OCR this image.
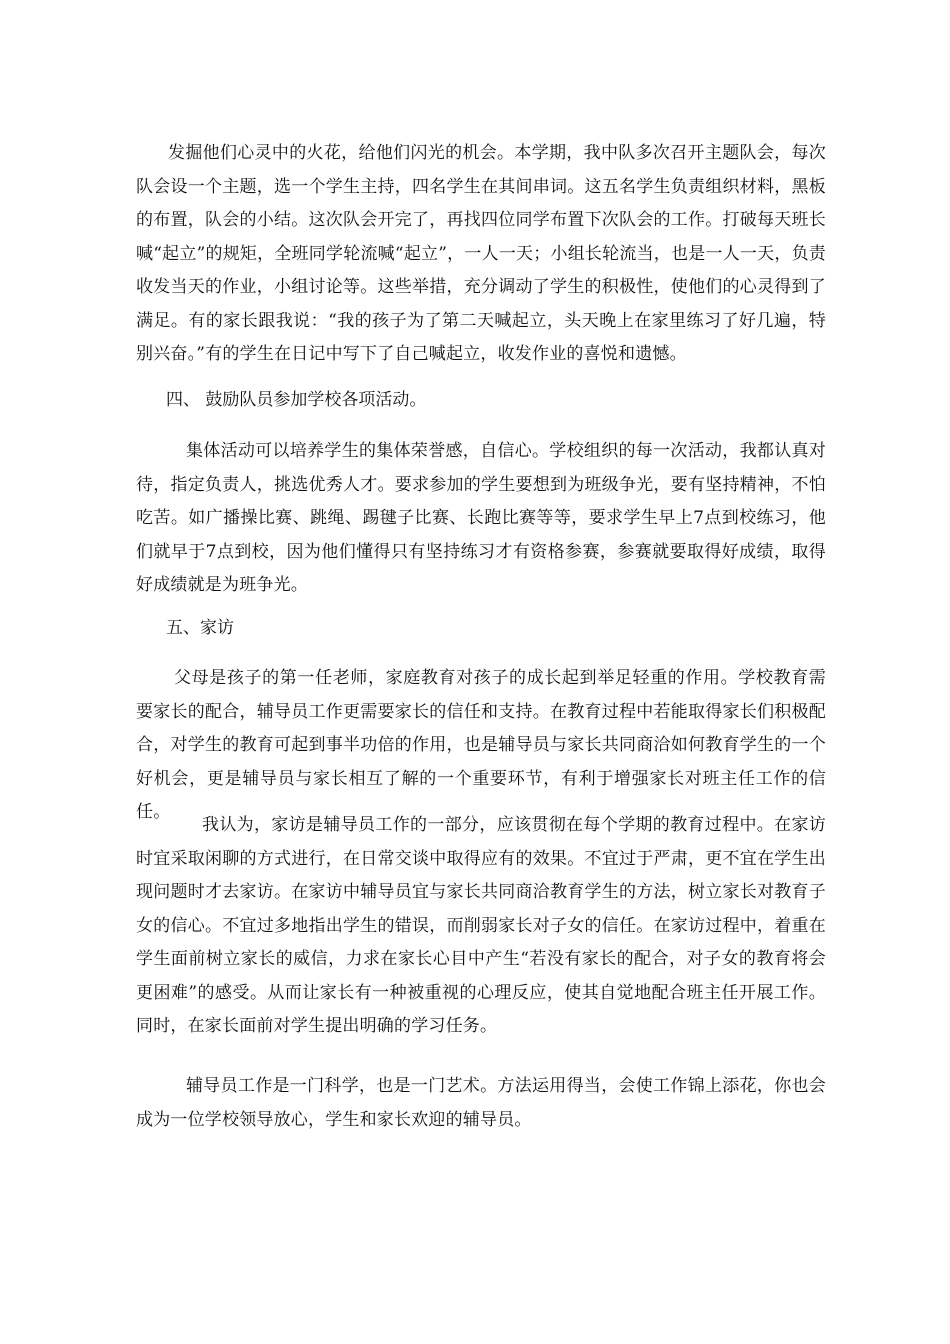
发掘他们心灵中的火花，给他们闪光的机会。本学期，我中队多次召开主题队会，每次队会设一个主题，选一个学生主持，四名学生在其间串词。这五名学生负责组织材料，黑板的布置，队会的小结。这次队会开完了，再找四位同学布置下次队会的工作。打破每天班长喊“起立”的规矩，全班同学轮流喊“起立”，一人一天；小组长轮流当，也是一人一天，负责收发当天的作业，小组讨论等。这些举措，充分调动了学生的积极性，使他们的心灵得到了满足。有的家长跟我说：“我的孩子为了第二天喊起立，头天晚上在家里练习了好几遍，特别兴奋。”有的学生在日记中写下了自己喊起立，收发作业的喜悦和遗憾。

四、 鼓励队员参加学校各项活动。

集体活动可以培养学生的集体荣誉感，自信心。学校组织的每一次活动，我都认真对待，指定负责人，挑选优秀人才。要求参加的学生要想到为班级争光，要有坚持精神，不怕吃苦。如广播操比赛、跳绳、踢毽子比赛、长跑比赛等等，要求学生早上7点到校练习，他们就早于7点到校，因为他们懂得只有坚持练习才有资格参赛，参赛就要取得好成绩，取得好成绩就是为班争光。

五、家访

父母是孩子的第一任老师，家庭教育对孩子的成长起到举足轻重的作用。学校教育需要家长的配合，辅导员工作更需要家长的信任和支持。在教育过程中若能取得家长们积极配合，对学生的教育可起到事半功倍的作用，也是辅导员与家长共同商洽如何教育学生的一个好机会，更是辅导员与家长相互了解的一个重要环节，有利于增强家长对班主任工作的信任。

我认为，家访是辅导员工作的一部分，应该贯彻在每个学期的教育过程中。在家访时宜采取闲聊的方式进行，在日常交谈中取得应有的效果。不宜过于严肃，更不宜在学生出现问题时才去家访。在家访中辅导员宜与家长共同商洽教育学生的方法，树立家长对教育子女的信心。不宜过多地指出学生的错误，而削弱家长对子女的信任。在家访过程中，着重在学生面前树立家长的威信，力求在家长心目中产生“若没有家长的配合，对子女的教育将会更困难”的感受。从而让家长有一种被重视的心理反应，使其自觉地配合班主任开展工作。同时，在家长面前对学生提出明确的学习任务。

辅导员工作是一门科学，也是一门艺术。方法运用得当，会使工作锦上添花，你也会成为一位学校领导放心，学生和家长欢迎的辅导员。
